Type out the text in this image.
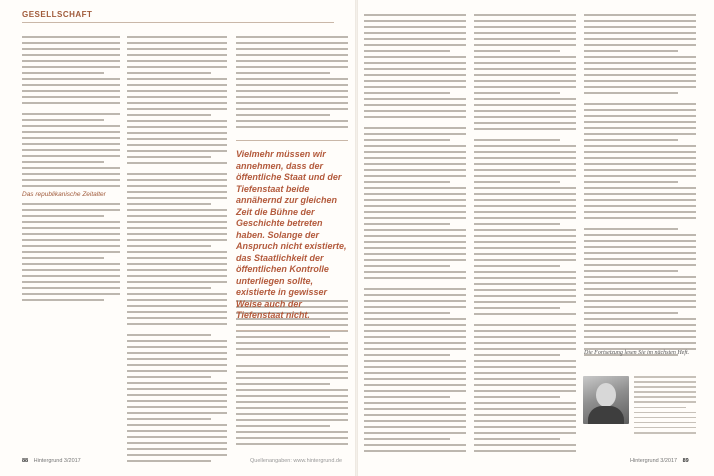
GESELLSCHAFT
Das republikanische Zeitalter
Vielmehr müssen wir annehmen, dass der öffentliche Staat und der Tiefenstaat beide annähernd zur gleichen Zeit die Bühne der Geschichte betreten haben. Solange der Anspruch nicht existierte, das Staatlichkeit der öffentlichen Kontrolle unterliegen sollte, existierte in gewisser Weise auch der Tiefenstaat nicht.
Die Fortsetzung lesen Sie im nächsten Heft.
88 Hintergrund 3/2017	Quellenangaben: www.hintergrund.de	Hintergrund 3/2017 89
